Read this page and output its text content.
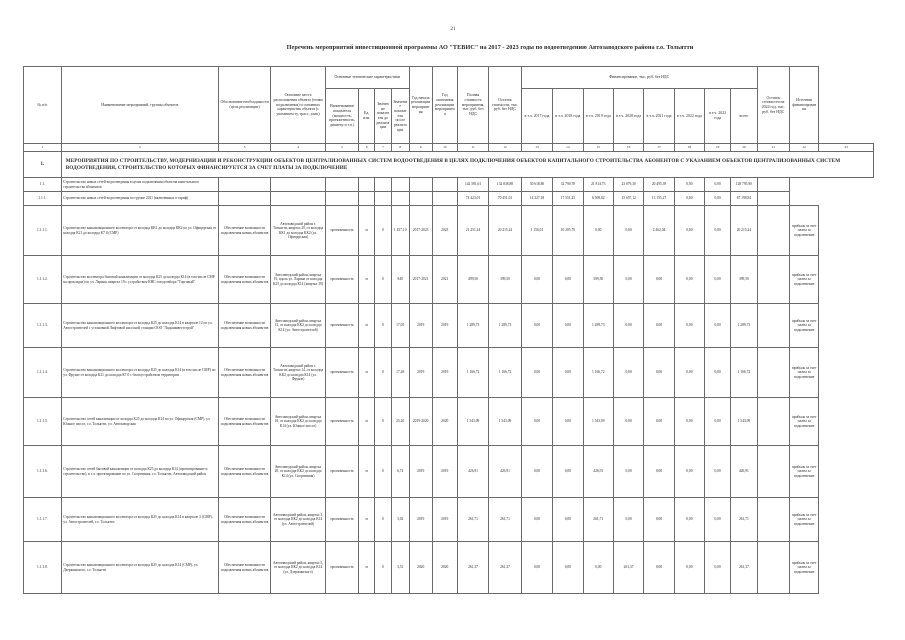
21
Перечень мероприятий инвестиционной программы АО "ТЕВИС" на 2017 - 2023 годы по водоотведению Автозаводского района г.о. Тольятти
№ п/п	Наименование мероприятий, группы объектов	Обоснование необходимости (цель реализации)	Описание места расположения объекта (точки подключения) и основных характеристик объекта (с указанием ту, трасс, улиц)	Основные технические характеристики				Год начала реализации мероприятия	Год окончания реализации мероприятия	Полная стоимость мероприятия, тыс. руб. без НДС	Остаток стоимости, тыс. руб. без НДС	Финансирование, тыс. руб. без НДС								Остаток стоимости на 2024 год, тыс. руб. без НДС	Источник финансирования	
				Наименование показателя (мощность, протяженность, диаметр и т.п.)	Ед. изм.	Значение показателя до реализации	Значение показателя после реализации					в т.ч. 2017 года	в т.ч. 2018 года	в т.ч. 2019 года	в т.ч. 2020 года	в т.ч. 2021 года	в т.ч. 2022 года	в т.ч. 2023 года	всего			
1	2	3	4	5	6	7	8	9	10	11	12	13	14	15	16	17	18	19	20	21	22	23
1.	МЕРОПРИЯТИЯ ПО СТРОИТЕЛЬСТВУ, МОДЕРНИЗАЦИИ И РЕКОНСТРУКЦИИ ОБЪЕКТОВ ЦЕНТРАЛИЗОВАННЫХ СИСТЕМ ВОДООТВЕДЕНИЯ В ЦЕЛЯХ ПОДКЛЮЧЕНИЯ ОБЪЕКТОВ КАПИТАЛЬНОГО СТРОИТЕЛЬСТВА АБОНЕНТОВ С УКАЗАНИЕМ ОБЪЕКТОВ ЦЕНТРАЛИЗОВАННЫХ СИСТЕМ ВОДООТВЕДЕНИЯ, СТРОИТЕЛЬСТВО КОТОРЫХ ФИНАНСИРУЕТСЯ ЗА СЧЕТ ПЛАТЫ ЗА ПОДКЛЮЧЕНИЕ																					
1.1.	Строительство новых сетей водоотведения в целях подключения объектов капитального строительства абонентов									142 581,61	132 838,88	30 618,80	32 790,78	21 814,73	23 079,30	20 495,39	0,00	0,00	128 795,90			
1.1.1.	Строительство новых сетей водоотведения по группе 2011 (включенных в тариф)									74 423,01	70 451,01	14 327,18	17 551,25	6 508,02	15 657,12	13 155,27	0,00	0,00	67 198,84			
1.1.1.1.	Строительство канализационного коллектора от колодца КК1 до колодца КК2 по ул. Офицерская от колодца К21 до колодца К7.0 (СМР)	Обеспечение возможности подключения новых абонентов	Автозаводский район г. Тольятти, квартал 20, от колодца КК1 до колодца КК2 (ул. Офицерская)	протяженность	м	0	1 457,10	2017-2023	2023	21 251,24	20 215,24	1 156,01	10 205,70	0,00	0,00	2 462,04	0,00	0,00	20 215,24		прибыль за счет платы за подключение	
1.1.1.2.	Строительство коллектора бытовой канализации от колодца К25 до колодца К14 (в том числе СМР на прокладке) по ул. Ларина, квартал 19 с устройством КНС и водозабора "Торговый"	Обеспечение возможности подключения новых абонентов	Автозаводский район, квартал 19, вдоль ул. Ларина от колодца К25 до колодца К14 (квартал 19)	протяженность	м	0	840	2017-2021	2021	499,50	399,50	0,00	0,00	399,50	0,00	0,00	0,00	0,00	399,50		прибыль за счет платы за подключение	
1.1.1.3.	Строительство канализационного коллектора от колодца К25 до колодца К14 в квартале 12 по ул. Автостроителей с установкой Лифтовой насосной станции ООО "Ладьяинвестстрой"	Обеспечение возможности подключения новых абонентов	Автозаводский район, квартал 12, от колодца КК2 до колодца К14 (ул. Автостроителей)	протяженность	м	0	17,05	2019	2019	1 289,73	1 289,73	0,00	0,00	1 289,73	0,00	0,00	0,00	0,00	1 289,73		прибыль за счет платы за подключение	
1.1.1.4.	Строительство канализационного коллектора от колодца К25 до колодца К14 (в том числе СМР) по ул. Фрунзе от колодца К21 до колодца К7.0 с благоустройством территории	Обеспечение возможности подключения новых абонентов	Автозаводский район г. Тольятти, квартал 14, от колодца КК2 до колодца К14 (ул. Фрунзе)	протяженность	м	0	17,28	2019	2019	1 166,72	1 166,72	0,00	0,00	1 166,72	0,00	0,00	0,00	0,00	1 166,72		прибыль за счет платы за подключение	
1.1.1.5.	Строительство сетей канализации от колодца К25 до колодца К14 по ул. Офицерская (СМР), ул. Южное шоссе, г.о. Тольятти, ул. Автозаводская	Обеспечение возможности подключения новых абонентов	Автозаводский район, квартал 18, от колодца КК2 до колодца К14 (ул. Южное шоссе)	протяженность	м	0	25,20	2019-2020	2020	1 543,09	1 543,09	0,00	0,00	1 543,09	0,00	0,00	0,00	0,00	1 543,09		прибыль за счет платы за подключение	
1.1.1.6.	Строительство сетей бытовой канализации от колодца К25 до колодца К14 (проектирование и строительство), в т.ч. проектирование по ул. Спортивная, г.о. Тольятти, Автозаводский район	Обеспечение возможности подключения новых абонентов	Автозаводский район, квартал 20, от колодца КК2 до колодца К14 (ул. Спортивная)	протяженность	м	0	6,74	2019	2019	426,91	426,91	0,00	0,00	426,91	0,00	0,00	0,00	0,00	426,91		прибыль за счет платы за подключение	
1.1.1.7.	Строительство канализационного коллектора от колодца К25 до колодца К14 в квартале 3 (СМР), ул. Автостроителей, г.о. Тольятти	Обеспечение возможности подключения новых абонентов	Автозаводский район, квартал 3, от колодца КК2 до колодца К14 (ул. Автостроителей)	протяженность	м	0	3,02	2019	2019	261,71	261,71	0,00	0,00	261,71	0,00	0,00	0,00	0,00	261,71		прибыль за счет платы за подключение	
1.1.1.8.	Строительство канализационного коллектора от колодца К25 до колодца К14 (СМР), ул. Дзержинского, г.о. Тольятти	Обеспечение возможности подключения новых абонентов	Автозаводский район, квартал 5, от колодца КК2 до колодца К14 (ул. Дзержинского)	протяженность	м	0	3,51	2020	2020	261,37	261,37	0,00	0,00	0,00	261,37	0,00	0,00	0,00	261,37		прибыль за счет платы за подключение	
